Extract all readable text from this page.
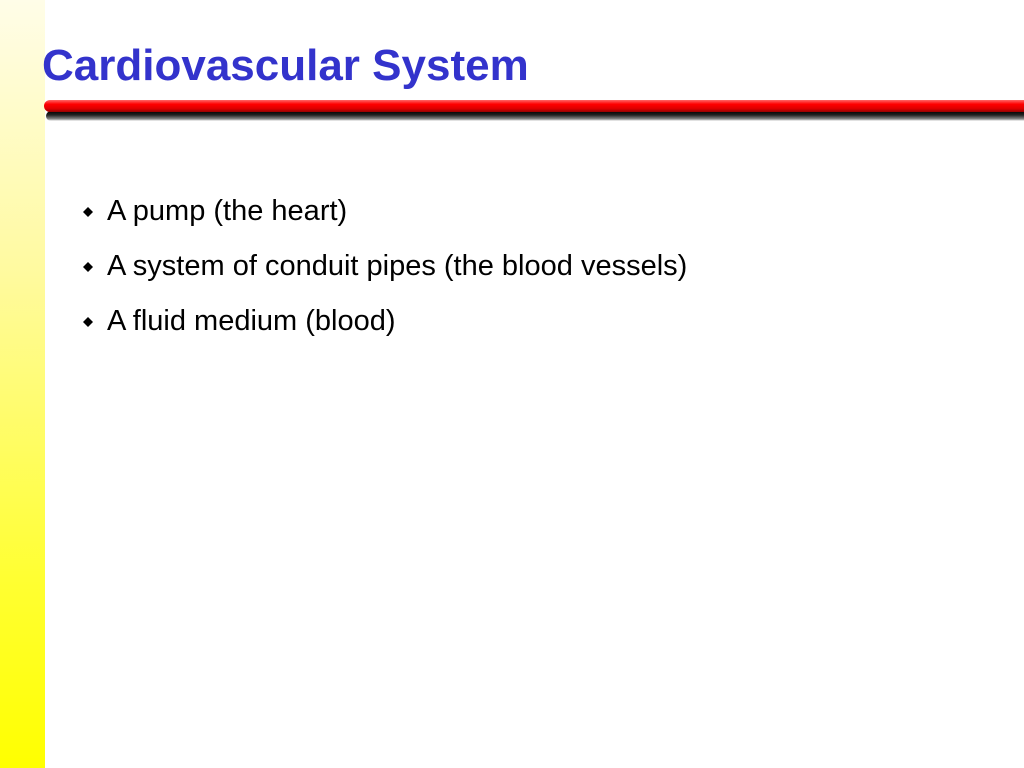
Cardiovascular System
A pump (the heart)
A system of conduit pipes (the blood vessels)
A fluid medium (blood)
